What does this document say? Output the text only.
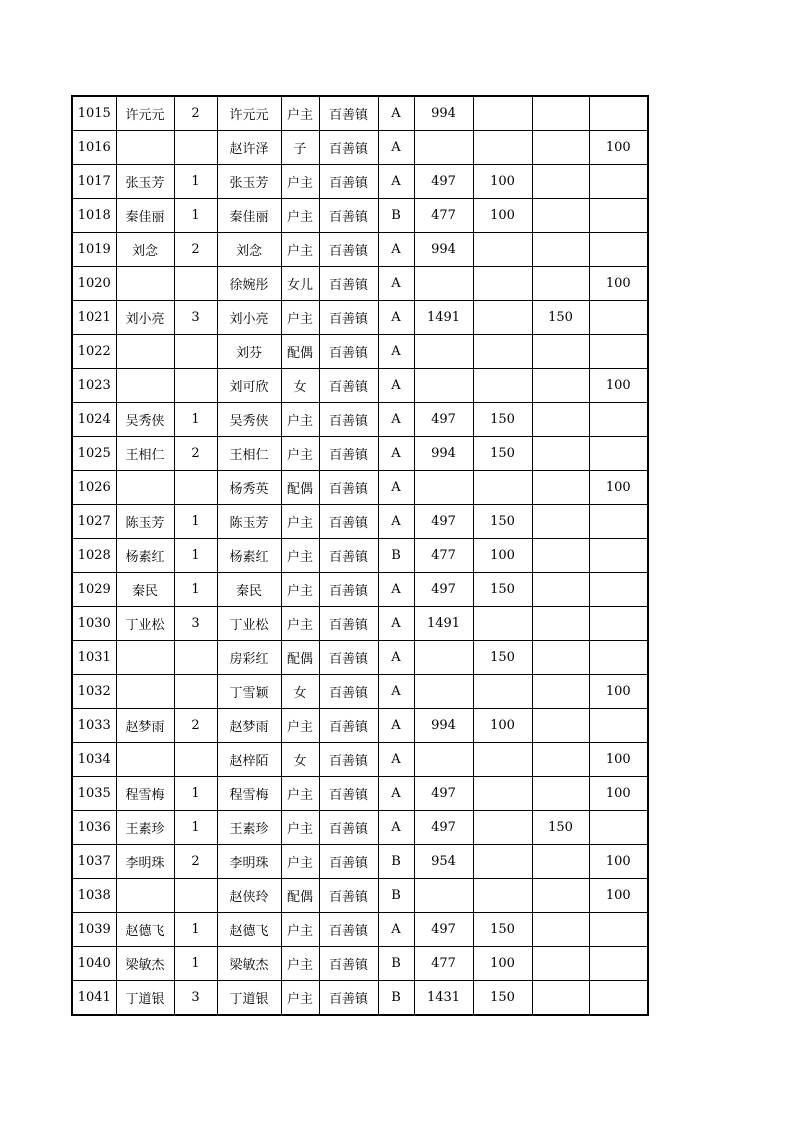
1015	许元元	2	许元元	户主	百善镇	A	994			
1016			赵许泽	子	百善镇	A				100
1017	张玉芳	1	张玉芳	户主	百善镇	A	497	100		
1018	秦佳丽	1	秦佳丽	户主	百善镇	B	477	100		
1019	刘念	2	刘念	户主	百善镇	A	994			
1020			徐婉彤	女儿	百善镇	A				100
1021	刘小亮	3	刘小亮	户主	百善镇	A	1491		150	
1022			刘芬	配偶	百善镇	A				
1023			刘可欣	女	百善镇	A				100
1024	吴秀侠	1	吴秀侠	户主	百善镇	A	497	150		
1025	王相仁	2	王相仁	户主	百善镇	A	994	150		
1026			杨秀英	配偶	百善镇	A				100
1027	陈玉芳	1	陈玉芳	户主	百善镇	A	497	150		
1028	杨素红	1	杨素红	户主	百善镇	B	477	100		
1029	秦民	1	秦民	户主	百善镇	A	497	150		
1030	丁业松	3	丁业松	户主	百善镇	A	1491			
1031			房彩红	配偶	百善镇	A		150		
1032			丁雪颖	女	百善镇	A				100
1033	赵梦雨	2	赵梦雨	户主	百善镇	A	994	100		
1034			赵梓陌	女	百善镇	A				100
1035	程雪梅	1	程雪梅	户主	百善镇	A	497			100
1036	王素珍	1	王素珍	户主	百善镇	A	497		150	
1037	李明珠	2	李明珠	户主	百善镇	B	954			100
1038			赵侠玲	配偶	百善镇	B				100
1039	赵德飞	1	赵德飞	户主	百善镇	A	497	150		
1040	梁敏杰	1	梁敏杰	户主	百善镇	B	477	100		
1041	丁道银	3	丁道银	户主	百善镇	B	1431	150		
